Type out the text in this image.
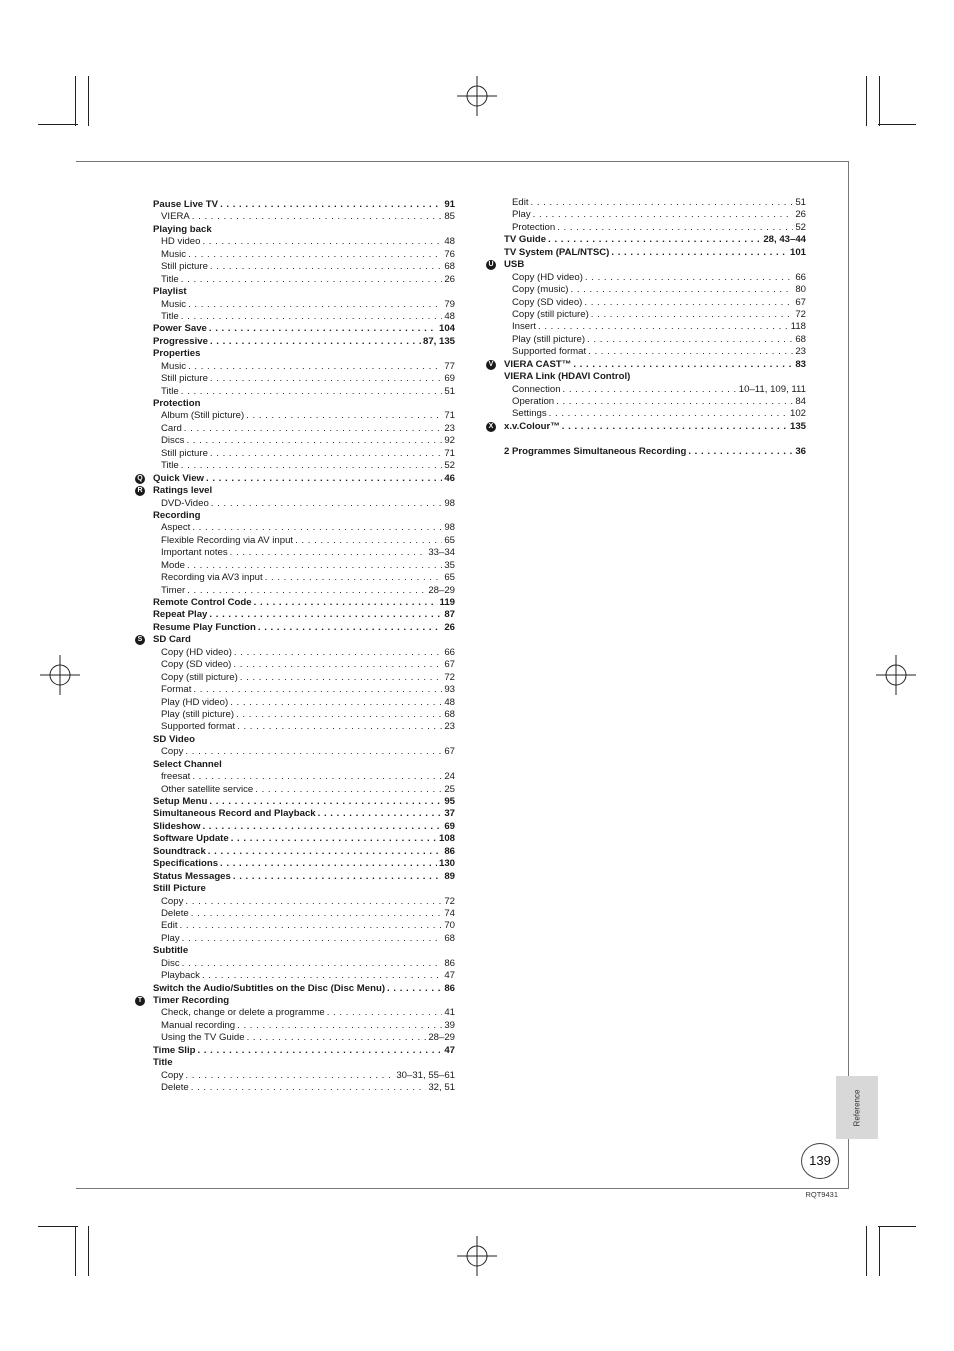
Pause Live TV . . .	91
VIERA . . .	85
Playing back
HD video . . .	48
Music . . .	76
Still picture . . .	68
Title . . .	26
Playlist
Music . . .	79
Title . . .	48
Power Save . . .	104
Progressive . . .	87, 135
Properties
Music . . .	77
Still picture . . .	69
Title . . .	51
Protection
Album (Still picture) . . .	71
Card . . .	23
Discs . . .	92
Still picture . . .	71
Title . . .	52
Q Quick View . . .	46
R Ratings level
DVD-Video . . .	98
Recording
Aspect . . .	98
Flexible Recording via AV input . . .	65
Important notes . . .	33–34
Mode . . .	35
Recording via AV3 input . . .	65
Timer . . .	28–29
Remote Control Code . . .	119
Repeat Play . . .	87
Resume Play Function . . .	26
S SD Card
Copy (HD video) . . .	66
Copy (SD video) . . .	67
Copy (still picture) . . .	72
Format . . .	93
Play (HD video) . . .	48
Play (still picture) . . .	68
Supported format . . .	23
SD Video
Copy . . .	67
Select Channel
freesat . . .	24
Other satellite service . . .	25
Setup Menu . . .	95
Simultaneous Record and Playback . . .	37
Slideshow . . .	69
Software Update . . .	108
Soundtrack . . .	86
Specifications . . .	130
Status Messages . . .	89
Still Picture
Copy . . .	72
Delete . . .	74
Edit . . .	70
Play . . .	68
Subtitle
Disc . . .	86
Playback . . .	47
Switch the Audio/Subtitles on the Disc (Disc Menu) . . .	86
T Timer Recording
Check, change or delete a programme . . .	41
Manual recording . . .	39
Using the TV Guide . . .	28–29
Time Slip . . .	47
Title
Copy . . .	30–31, 55–61
Delete . . .	32, 51
Edit . . .	51
Play . . .	26
Protection . . .	52
TV Guide . . .	28, 43–44
TV System (PAL/NTSC) . . .	101
U USB
Copy (HD video) . . .	66
Copy (music) . . .	80
Copy (SD video) . . .	67
Copy (still picture) . . .	72
Insert . . .	118
Play (still picture) . . .	68
Supported format . . .	23
V VIERA CAST™ . . .	83
VIERA Link (HDAVI Control)
Connection . . .	10–11, 109, 111
Operation . . .	84
Settings . . .	102
X x.v.Colour™ . . .	135
2 Programmes Simultaneous Recording . . .	36
Reference
139
RQT9431
